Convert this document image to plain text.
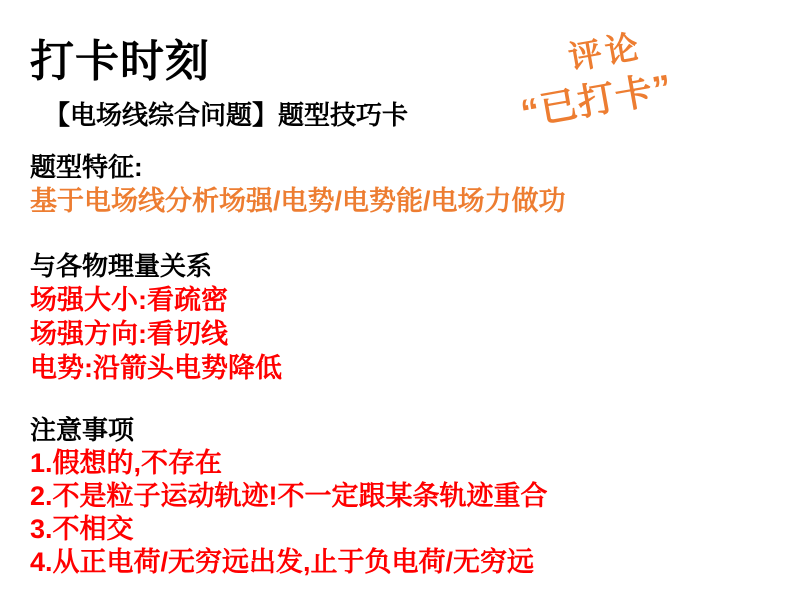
打卡时刻
【电场线综合问题】题型技巧卡
评论
“已打卡”
题型特征:
基于电场线分析场强/电势/电势能/电场力做功
与各物理量关系
场强大小:看疏密
场强方向:看切线
电势:沿箭头电势降低
注意事项
1.假想的,不存在
2.不是粒子运动轨迹!不一定跟某条轨迹重合
3.不相交
4.从正电荷/无穷远出发,止于负电荷/无穷远
